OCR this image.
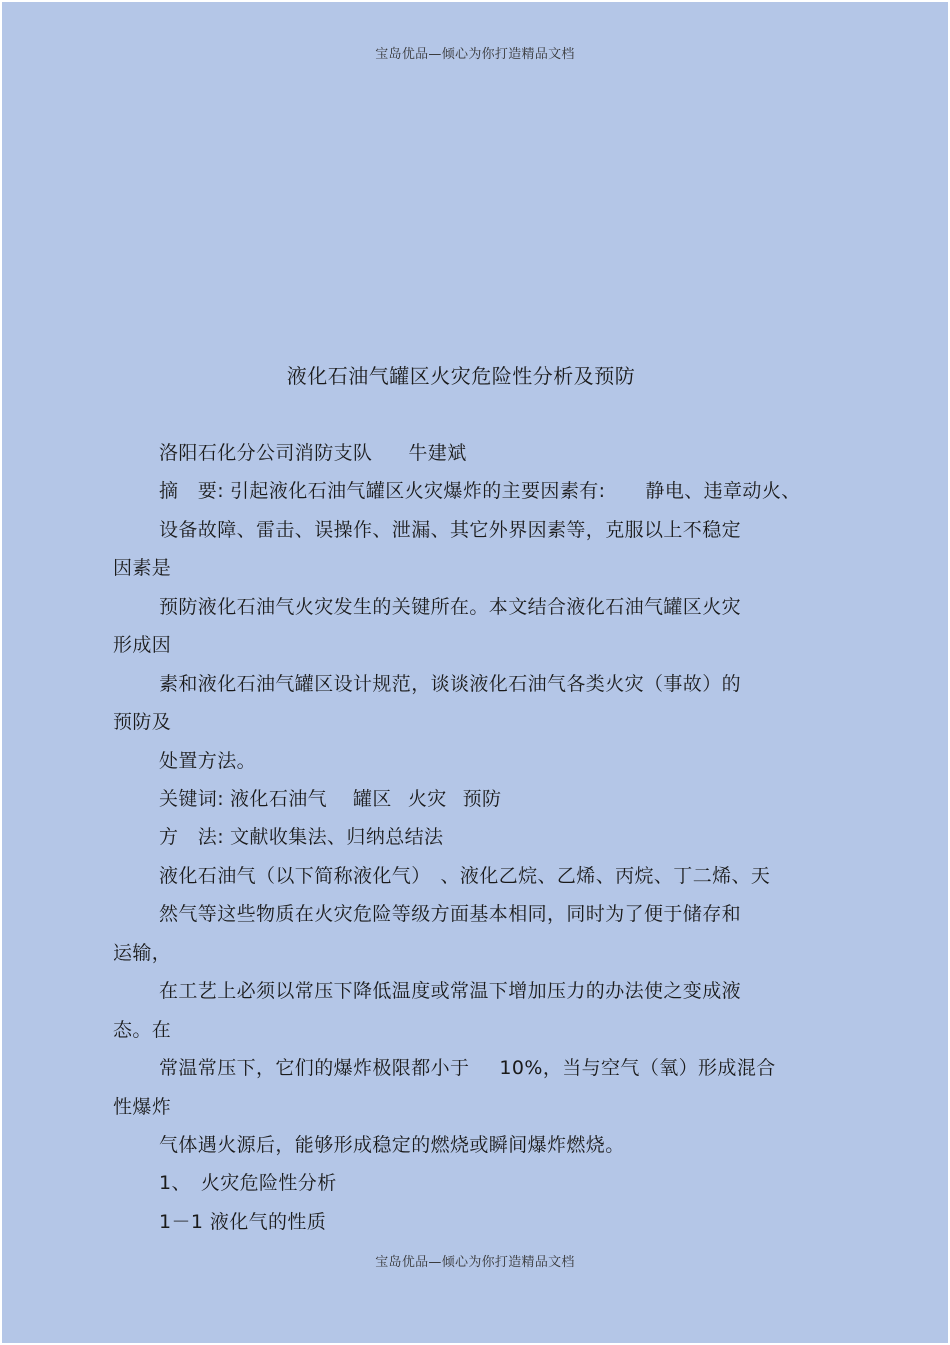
宝岛优品—倾心为你打造精品文档
液化石油气罐区火灾危险性分析及预防
洛阳石化分公司消防支队 牛建斌
摘　要: 引起液化石油气罐区火灾爆炸的主要因素有: 静电、违章动火、
设备故障、雷击、误操作、泄漏、其它外界因素等，克服以上不稳定
因素是
预防液化石油气火灾发生的关键所在。本文结合液化石油气罐区火灾
形成因
素和液化石油气罐区设计规范，谈谈液化石油气各类火灾（事故）的
预防及
处置方法。
关键词: 液化石油气 罐区 火灾 预防
方　法: 文献收集法、归纳总结法
液化石油气（以下简称液化气）　、液化乙烷、乙烯、丙烷、丁二烯、天
然气等这些物质在火灾危险等级方面基本相同，同时为了便于储存和
运输，
在工艺上必须以常压下降低温度或常温下增加压力的办法使之变成液
态。在
常温常压下，它们的爆炸极限都小于 10%，当与空气（氧）形成混合
性爆炸
气体遇火源后，能够形成稳定的燃烧或瞬间爆炸燃烧。
1、　火灾危险性分析
1－1 液化气的性质
宝岛优品—倾心为你打造精品文档
